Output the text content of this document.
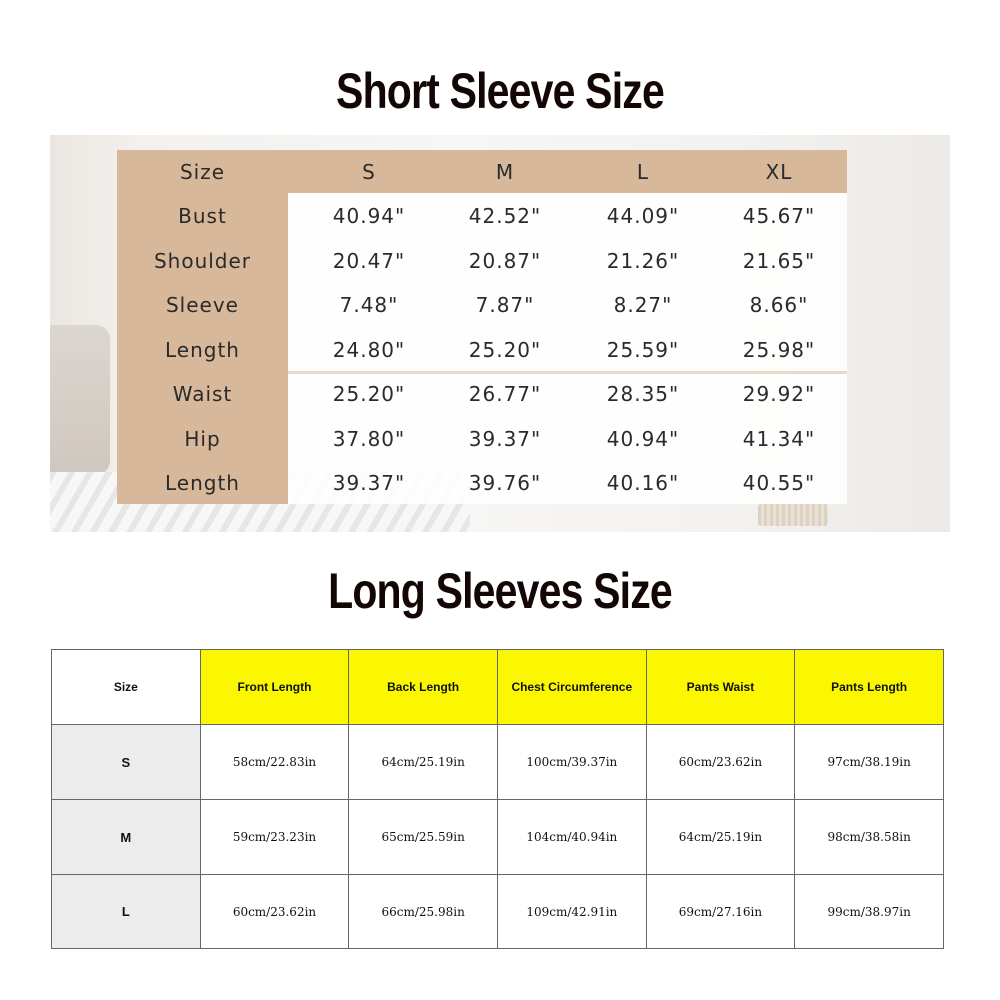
Short Sleeve Size
Size	S	M	L	XL
Bust	40.94"	42.52"	44.09"	45.67"
Shoulder	20.47"	20.87"	21.26"	21.65"
Sleeve	7.48"	7.87"	8.27"	8.66"
Length	24.80"	25.20"	25.59"	25.98"
Waist	25.20"	26.77"	28.35"	29.92"
Hip	37.80"	39.37"	40.94"	41.34"
Length	39.37"	39.76"	40.16"	40.55"
Long Sleeves Size
Size	Front Length	Back Length	Chest Circumference	Pants Waist	Pants Length
S	58cm/22.83in	64cm/25.19in	100cm/39.37in	60cm/23.62in	97cm/38.19in
M	59cm/23.23in	65cm/25.59in	104cm/40.94in	64cm/25.19in	98cm/38.58in
L	60cm/23.62in	66cm/25.98in	109cm/42.91in	69cm/27.16in	99cm/38.97in
